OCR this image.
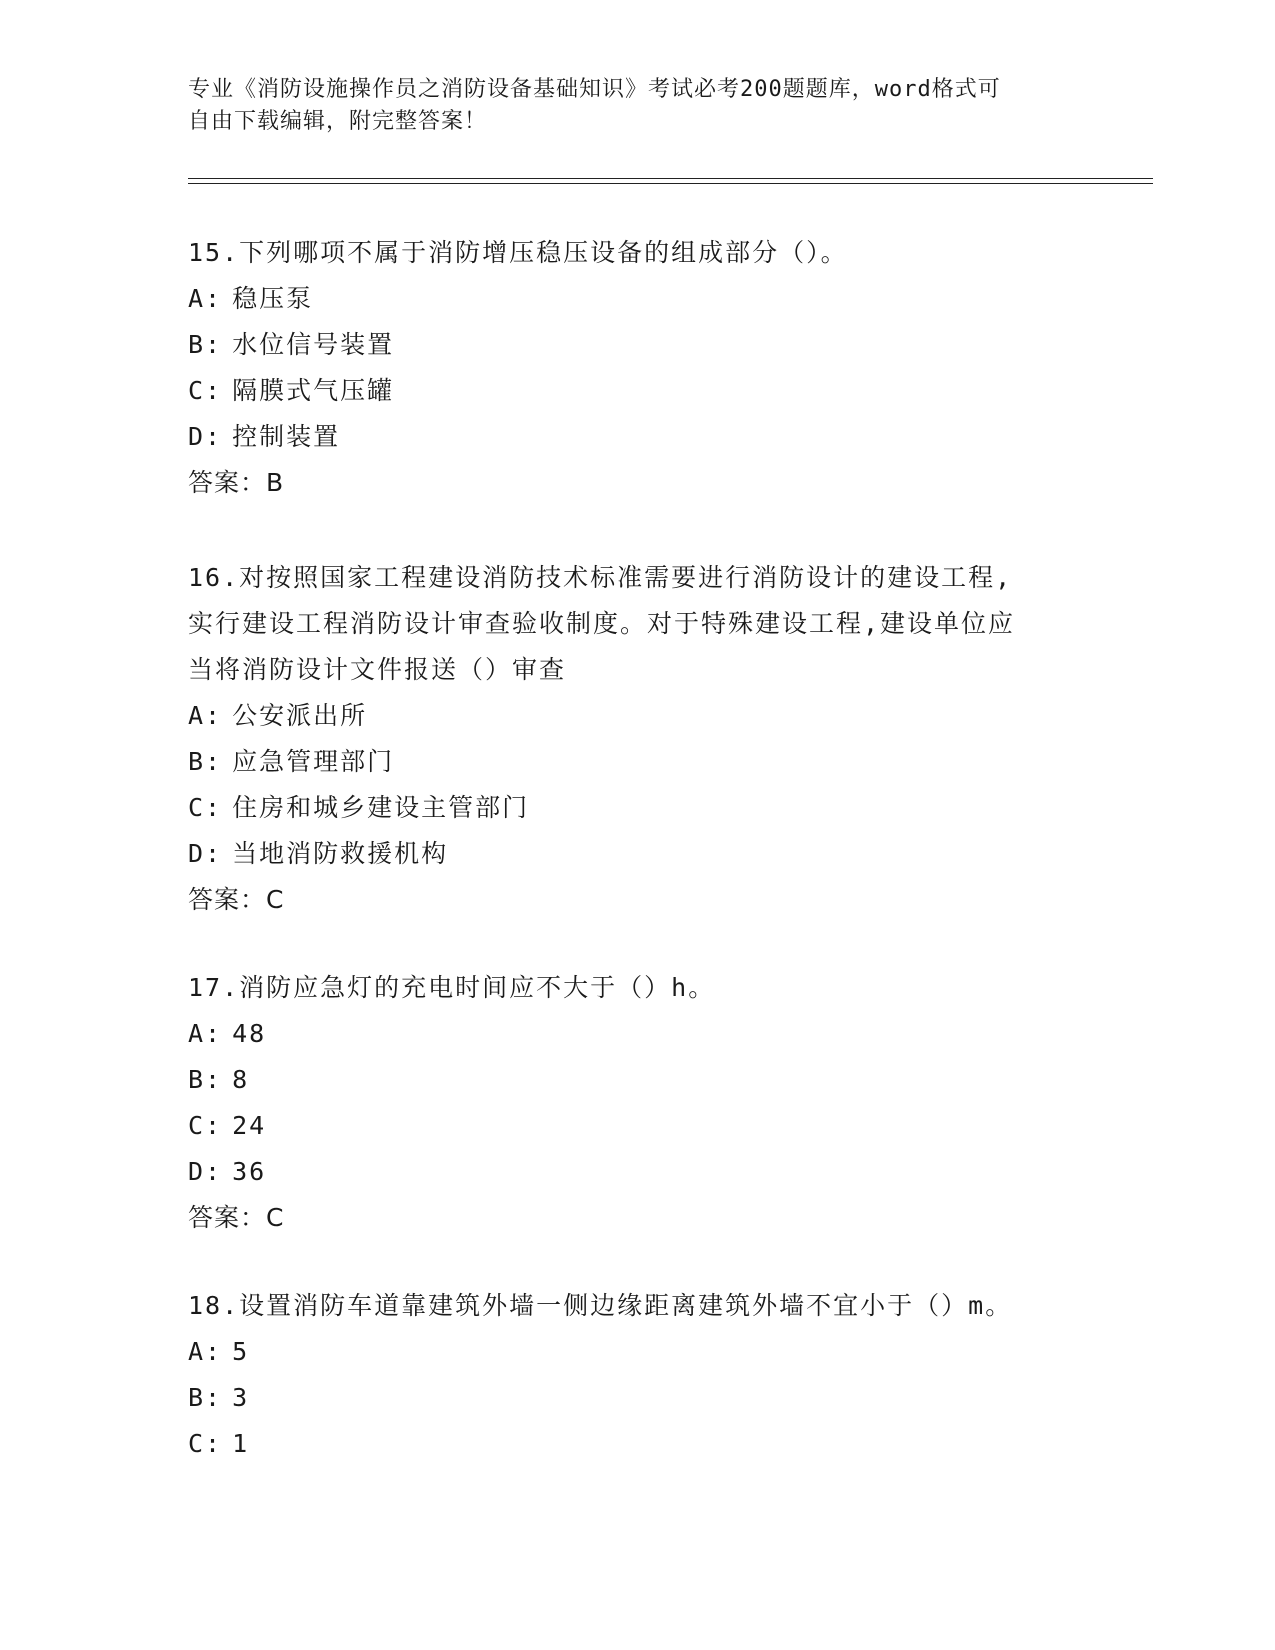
专业《消防设施操作员之消防设备基础知识》考试必考200题题库，word格式可
自由下载编辑，附完整答案！
15.下列哪项不属于消防增压稳压设备的组成部分（）。
A: 稳压泵
B: 水位信号装置
C: 隔膜式气压罐
D: 控制装置
答案：B
16.对按照国家工程建设消防技术标准需要进行消防设计的建设工程,
实行建设工程消防设计审查验收制度。对于特殊建设工程,建设单位应
当将消防设计文件报送（）审查
A: 公安派出所
B: 应急管理部门
C: 住房和城乡建设主管部门
D: 当地消防救援机构
答案：C
17.消防应急灯的充电时间应不大于（）h。
A: 48
B: 8
C: 24
D: 36
答案：C
18.设置消防车道靠建筑外墙一侧边缘距离建筑外墙不宜小于（）m。
A: 5
B: 3
C: 1
